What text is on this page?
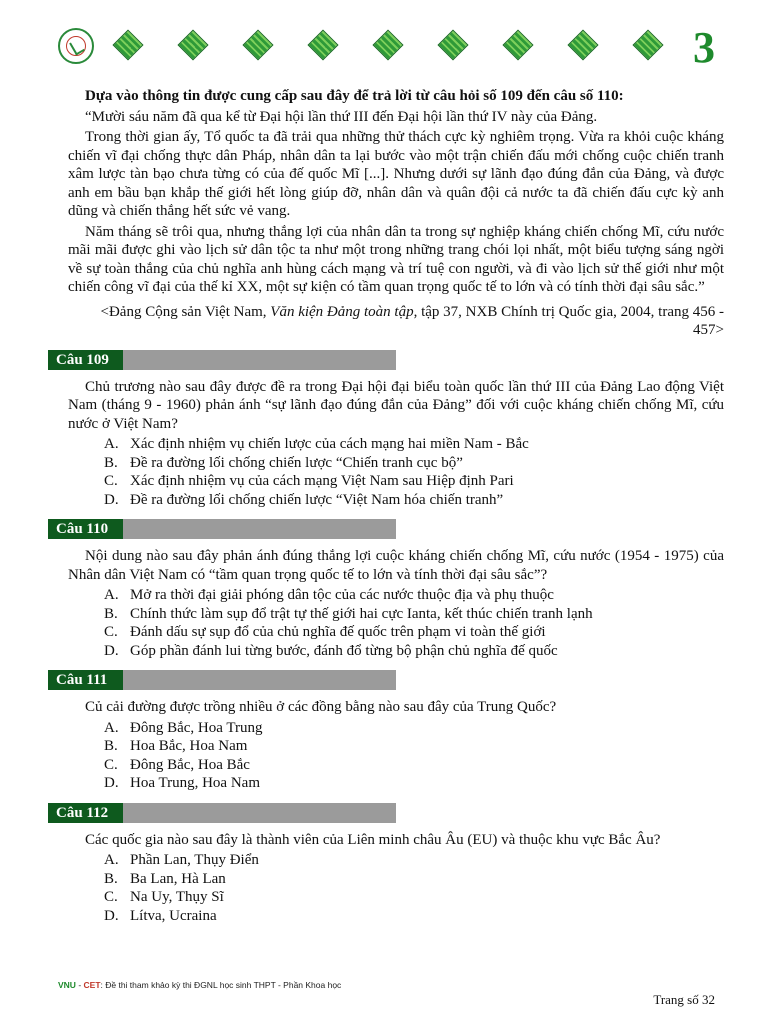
3
Dựa vào thông tin được cung cấp sau đây để trả lời từ câu hỏi số 109 đến câu số 110:

“Mười sáu năm đã qua kể từ Đại hội lần thứ III đến Đại hội lần thứ IV này của Đảng.

Trong thời gian ấy, Tổ quốc ta đã trải qua những thử thách cực kỳ nghiêm trọng. Vừa ra khỏi cuộc kháng chiến vĩ đại chống thực dân Pháp, nhân dân ta lại bước vào một trận chiến đấu mới chống cuộc chiến tranh xâm lược tàn bạo chưa từng có của đế quốc Mĩ [...]. Nhưng dưới sự lãnh đạo đúng đắn của Đảng, và được anh em bầu bạn khắp thế giới hết lòng giúp đỡ, nhân dân và quân đội cả nước ta đã chiến đấu cực kỳ anh dũng và chiến thắng hết sức vẻ vang.

Năm tháng sẽ trôi qua, nhưng thắng lợi của nhân dân ta trong sự nghiệp kháng chiến chống Mĩ, cứu nước mãi mãi được ghi vào lịch sử dân tộc ta như một trong những trang chói lọi nhất, một biểu tượng sáng ngời về sự toàn thắng của chủ nghĩa anh hùng cách mạng và trí tuệ con người, và đi vào lịch sử thế giới như một chiến công vĩ đại của thế kỉ XX, một sự kiện có tầm quan trọng quốc tế to lớn và có tính thời đại sâu sắc.”

<Đảng Cộng sản Việt Nam, Văn kiện Đảng toàn tập, tập 37, NXB Chính trị Quốc gia, 2004, trang 456 - 457>

Câu 109

Chủ trương nào sau đây được đề ra trong Đại hội đại biểu toàn quốc lần thứ III của Đảng Lao động Việt Nam (tháng 9 - 1960) phản ánh “sự lãnh đạo đúng đắn của Đảng” đối với cuộc kháng chiến chống Mĩ, cứu nước ở Việt Nam?

A. Xác định nhiệm vụ chiến lược của cách mạng hai miền Nam - Bắc
B. Đề ra đường lối chống chiến lược “Chiến tranh cục bộ”
C. Xác định nhiệm vụ của cách mạng Việt Nam sau Hiệp định Pari
D. Đề ra đường lối chống chiến lược “Việt Nam hóa chiến tranh”
Câu 110

Nội dung nào sau đây phản ánh đúng thắng lợi cuộc kháng chiến chống Mĩ, cứu nước (1954 - 1975) của Nhân dân Việt Nam có “tầm quan trọng quốc tế to lớn và tính thời đại sâu sắc”?

A. Mở ra thời đại giải phóng dân tộc của các nước thuộc địa và phụ thuộc
B. Chính thức làm sụp đổ trật tự thế giới hai cực Ianta, kết thúc chiến tranh lạnh
C. Đánh dấu sự sụp đổ của chủ nghĩa đế quốc trên phạm vi toàn thế giới
D. Góp phần đánh lui từng bước, đánh đổ từng bộ phận chủ nghĩa đế quốc
Câu 111

Củ cải đường được trồng nhiều ở các đồng bằng nào sau đây của Trung Quốc?

A. Đông Bắc, Hoa Trung
B. Hoa Bắc, Hoa Nam
C. Đông Bắc, Hoa Bắc
D. Hoa Trung, Hoa Nam
Câu 112

Các quốc gia nào sau đây là thành viên của Liên minh châu Âu (EU) và thuộc khu vực Bắc Âu?

A. Phần Lan, Thụy Điển
B. Ba Lan, Hà Lan
C. Na Uy, Thụy Sĩ
D. Lítva, Ucraina
VNU - CET: Đề thi tham khảo kỳ thi ĐGNL học sinh THPT - Phần Khoa học
Trang số 32
